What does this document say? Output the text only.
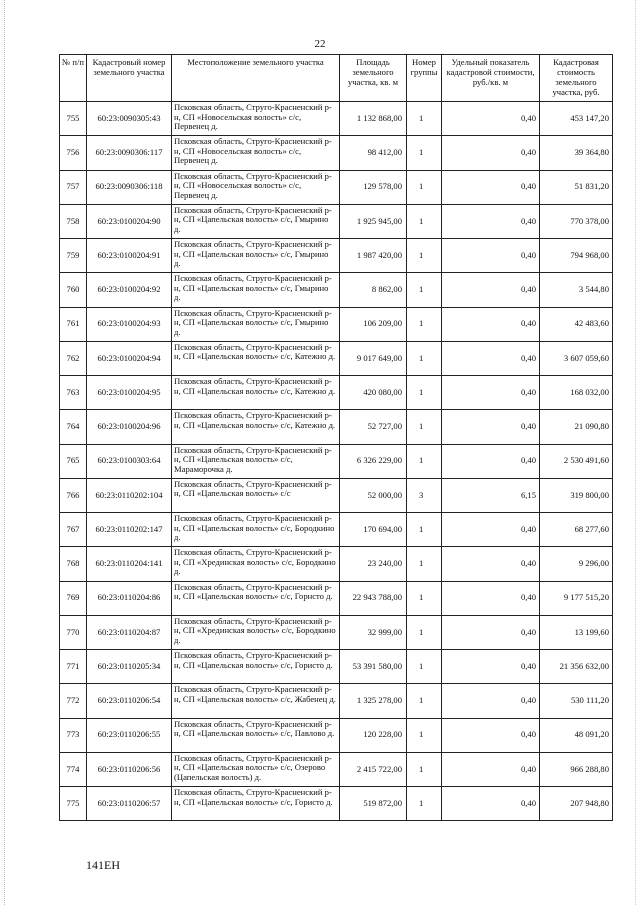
22
№ п/п	Кадастровый номер земельного участка	Местоположение земельного участка	Площадь земельного участка, кв. м	Номер группы	Удельный показатель кадастровой стоимости, руб./кв. м	Кадастровая стоимость земельного участка, руб.
755	60:23:0090305:43	Псковская область, Струго-Красненский р-н, СП «Новосельская волость» с/с, Первенец д.	1 132 868,00	1	0,40	453 147,20
756	60:23:0090306:117	Псковская область, Струго-Красненский р-н, СП «Новосельская волость» с/с, Первенец д.	98 412,00	1	0,40	39 364,80
757	60:23:0090306:118	Псковская область, Струго-Красненский р-н, СП «Новосельская волость» с/с, Первенец д.	129 578,00	1	0,40	51 831,20
758	60:23:0100204:90	Псковская область, Струго-Красненский р-н, СП «Цапельская волость» с/с, Гмырино д.	1 925 945,00	1	0,40	770 378,00
759	60:23:0100204:91	Псковская область, Струго-Красненский р-н, СП «Цапельская волость» с/с, Гмырино д.	1 987 420,00	1	0,40	794 968,00
760	60:23:0100204:92	Псковская область, Струго-Красненский р-н, СП «Цапельская волость» с/с, Гмырино д.	8 862,00	1	0,40	3 544,80
761	60:23:0100204:93	Псковская область, Струго-Красненский р-н, СП «Цапельская волость» с/с, Гмырино д.	106 209,00	1	0,40	42 483,60
762	60:23:0100204:94	Псковская область, Струго-Красненский р-н, СП «Цапельская волость» с/с, Катежно д.	9 017 649,00	1	0,40	3 607 059,60
763	60:23:0100204:95	Псковская область, Струго-Красненский р-н, СП «Цапельская волость» с/с, Катежно д.	420 080,00	1	0,40	168 032,00
764	60:23:0100204:96	Псковская область, Струго-Красненский р-н, СП «Цапельская волость» с/с, Катежно д.	52 727,00	1	0,40	21 090,80
765	60:23:0100303:64	Псковская область, Струго-Красненский р-н, СП «Цапельская волость» с/с, Мараморочка д.	6 326 229,00	1	0,40	2 530 491,60
766	60:23:0110202:104	Псковская область, Струго-Красненский р-н, СП «Цапельская волость» с/с	52 000,00	3	6,15	319 800,00
767	60:23:0110202:147	Псковская область, Струго-Красненский р-н, СП «Цапельская волость» с/с, Бородкино д.	170 694,00	1	0,40	68 277,60
768	60:23:0110204:141	Псковская область, Струго-Красненский р-н, СП «Хрединская волость» с/с, Бородкино д.	23 240,00	1	0,40	9 296,00
769	60:23:0110204:86	Псковская область, Струго-Красненский р-н, СП «Цапельская волость» с/с, Горнсто д.	22 943 788,00	1	0,40	9 177 515,20
770	60:23:0110204:87	Псковская область, Струго-Красненский р-н, СП «Хрединская волость» с/с, Бородкино д.	32 999,00	1	0,40	13 199,60
771	60:23:0110205:34	Псковская область, Струго-Красненский р-н, СП «Цапельская волость» с/с, Гористо д.	53 391 580,00	1	0,40	21 356 632,00
772	60:23:0110206:54	Псковская область, Струго-Красненский р-н, СП «Цапельская волость» с/с, Жабенец д.	1 325 278,00	1	0,40	530 111,20
773	60:23:0110206:55	Псковская область, Струго-Красненский р-н, СП «Цапельская волость» с/с, Павлово д.	120 228,00	1	0,40	48 091,20
774	60:23:0110206:56	Псковская область, Струго-Красненский р-н, СП «Цапельская волость» с/с, Озерово (Цапельская волость) д.	2 415 722,00	1	0,40	966 288,80
775	60:23:0110206:57	Псковская область, Струго-Красненский р-н, СП «Цапельская волость» с/с, Гористо д.	519 872,00	1	0,40	207 948,80
141ЕН
